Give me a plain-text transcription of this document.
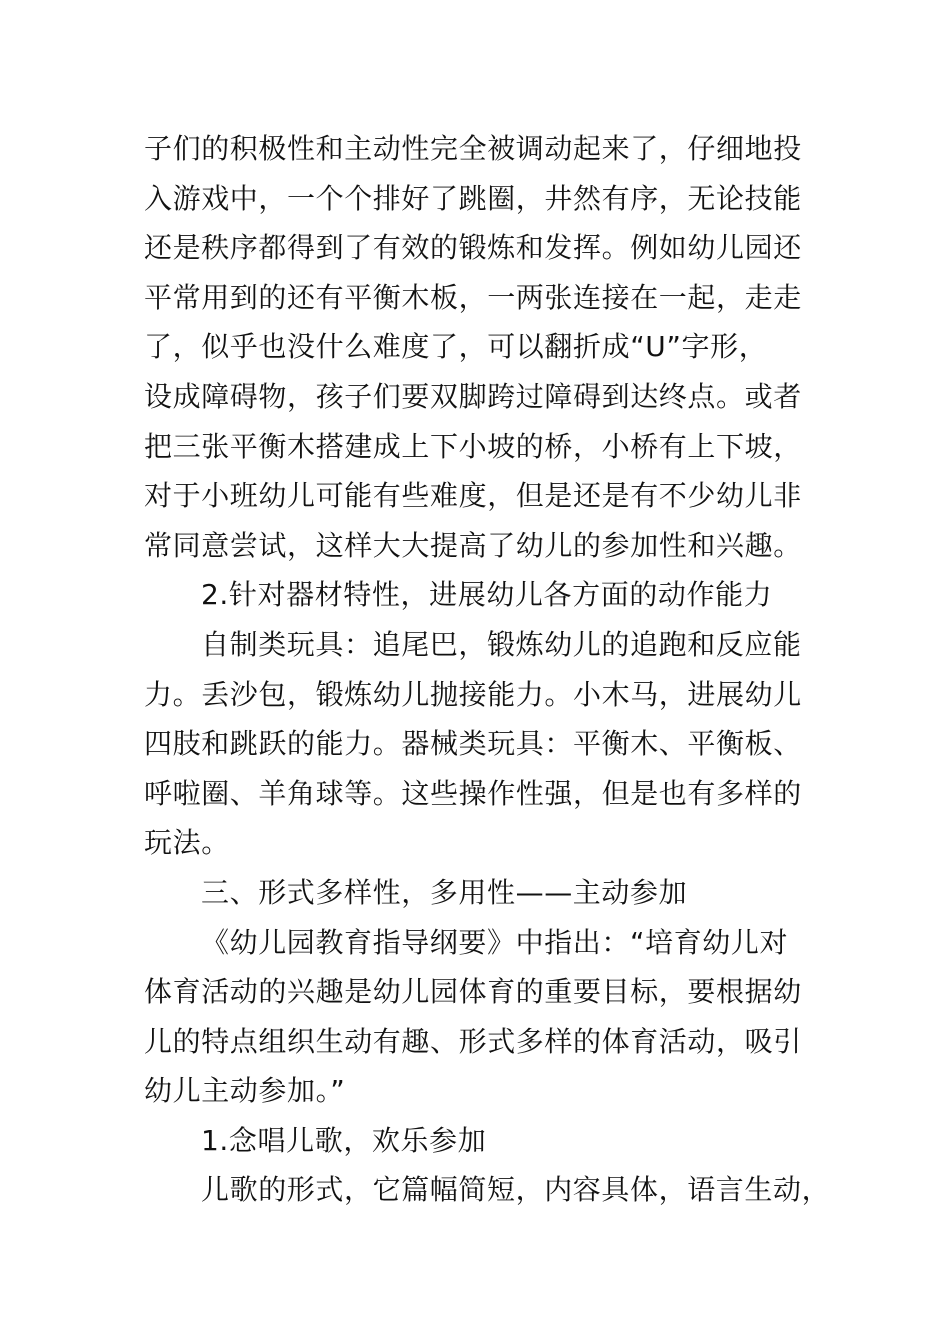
子们的积极性和主动性完全被调动起来了，仔细地投
入游戏中，一个个排好了跳圈，井然有序，无论技能
还是秩序都得到了有效的锻炼和发挥。例如幼儿园还
平常用到的还有平衡木板，一两张连接在一起，走走
了，似乎也没什么难度了，可以翻折成“U”字形，
设成障碍物，孩子们要双脚跨过障碍到达终点。或者
把三张平衡木搭建成上下小坡的桥，小桥有上下坡，
对于小班幼儿可能有些难度，但是还是有不少幼儿非
常同意尝试，这样大大提高了幼儿的参加性和兴趣。
2.针对器材特性，进展幼儿各方面的动作能力
自制类玩具：追尾巴，锻炼幼儿的追跑和反应能
力。丢沙包，锻炼幼儿抛接能力。小木马，进展幼儿
四肢和跳跃的能力。器械类玩具：平衡木、平衡板、
呼啦圈、羊角球等。这些操作性强，但是也有多样的
玩法。
三、形式多样性，多用性——主动参加
《幼儿园教育指导纲要》中指出：“培育幼儿对
体育活动的兴趣是幼儿园体育的重要目标，要根据幼
儿的特点组织生动有趣、形式多样的体育活动，吸引
幼儿主动参加。”
1.念唱儿歌，欢乐参加
儿歌的形式，它篇幅简短，内容具体，语言生动，
